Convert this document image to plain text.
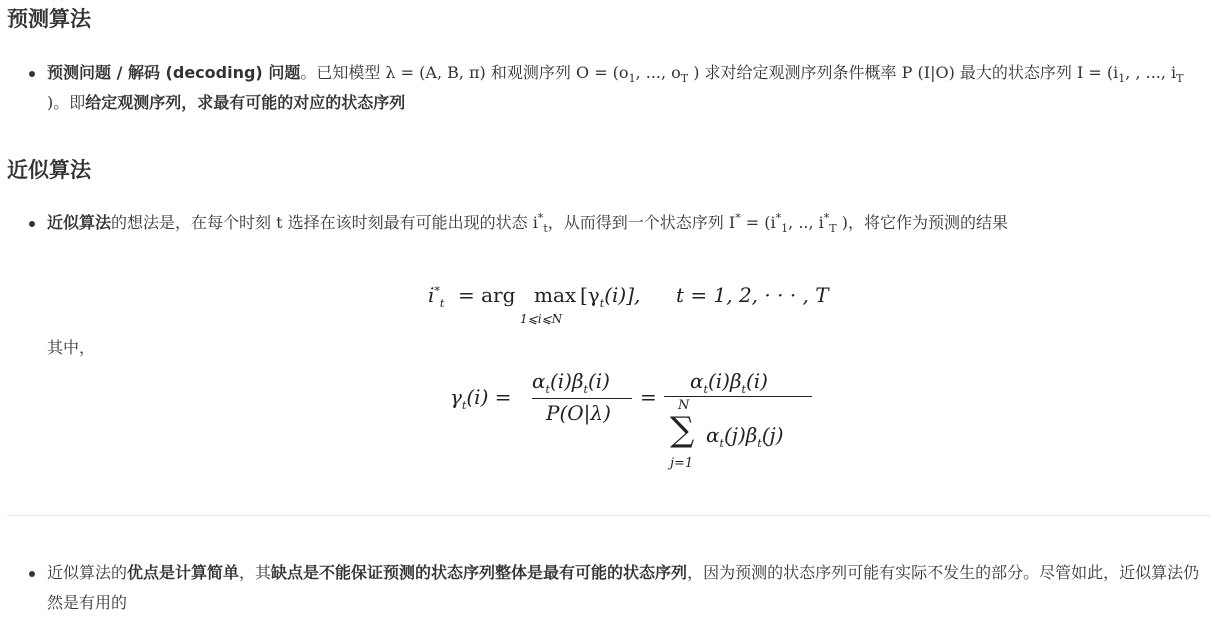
预测算法
预测问题 / 解码 (decoding) 问题。已知模型 λ = (A, B, π) 和观测序列 $O = (o_1$, ..., $o_T$ ) 求对给定观测序列条件概率 P (I|O) 最大的状态序列 $I = (i_1$, , ..., $i_T$ )。即给定观测序列，求最有可能的对应的状态序列
近似算法
近似算法的想法是，在每个时刻 t 选择在该时刻最有可能出现的状态 $i^*_t$，从而得到一个状态序列 $I^* = (i^*_1$, .., $i^*_T$ )，将它作为预测的结果
$i^*_t$ = arg max
1⩽i⩽N
$[\gamma_t(i)]$, t = 1, 2, · · · , T
其中，
$\gamma_t(i)$ =
$\alpha_t(i)\beta_t(i)$
P(O|λ)
=
$\alpha_t(i)\beta_t(i)$
N
∑
j=1
$\alpha_t(j)\beta_t(j)$
近似算法的优点是计算简单，其缺点是不能保证预测的状态序列整体是最有可能的状态序列，因为预测的状态序列可能有实际不发生的部分。尽管如此，近似算法仍然是有用的
